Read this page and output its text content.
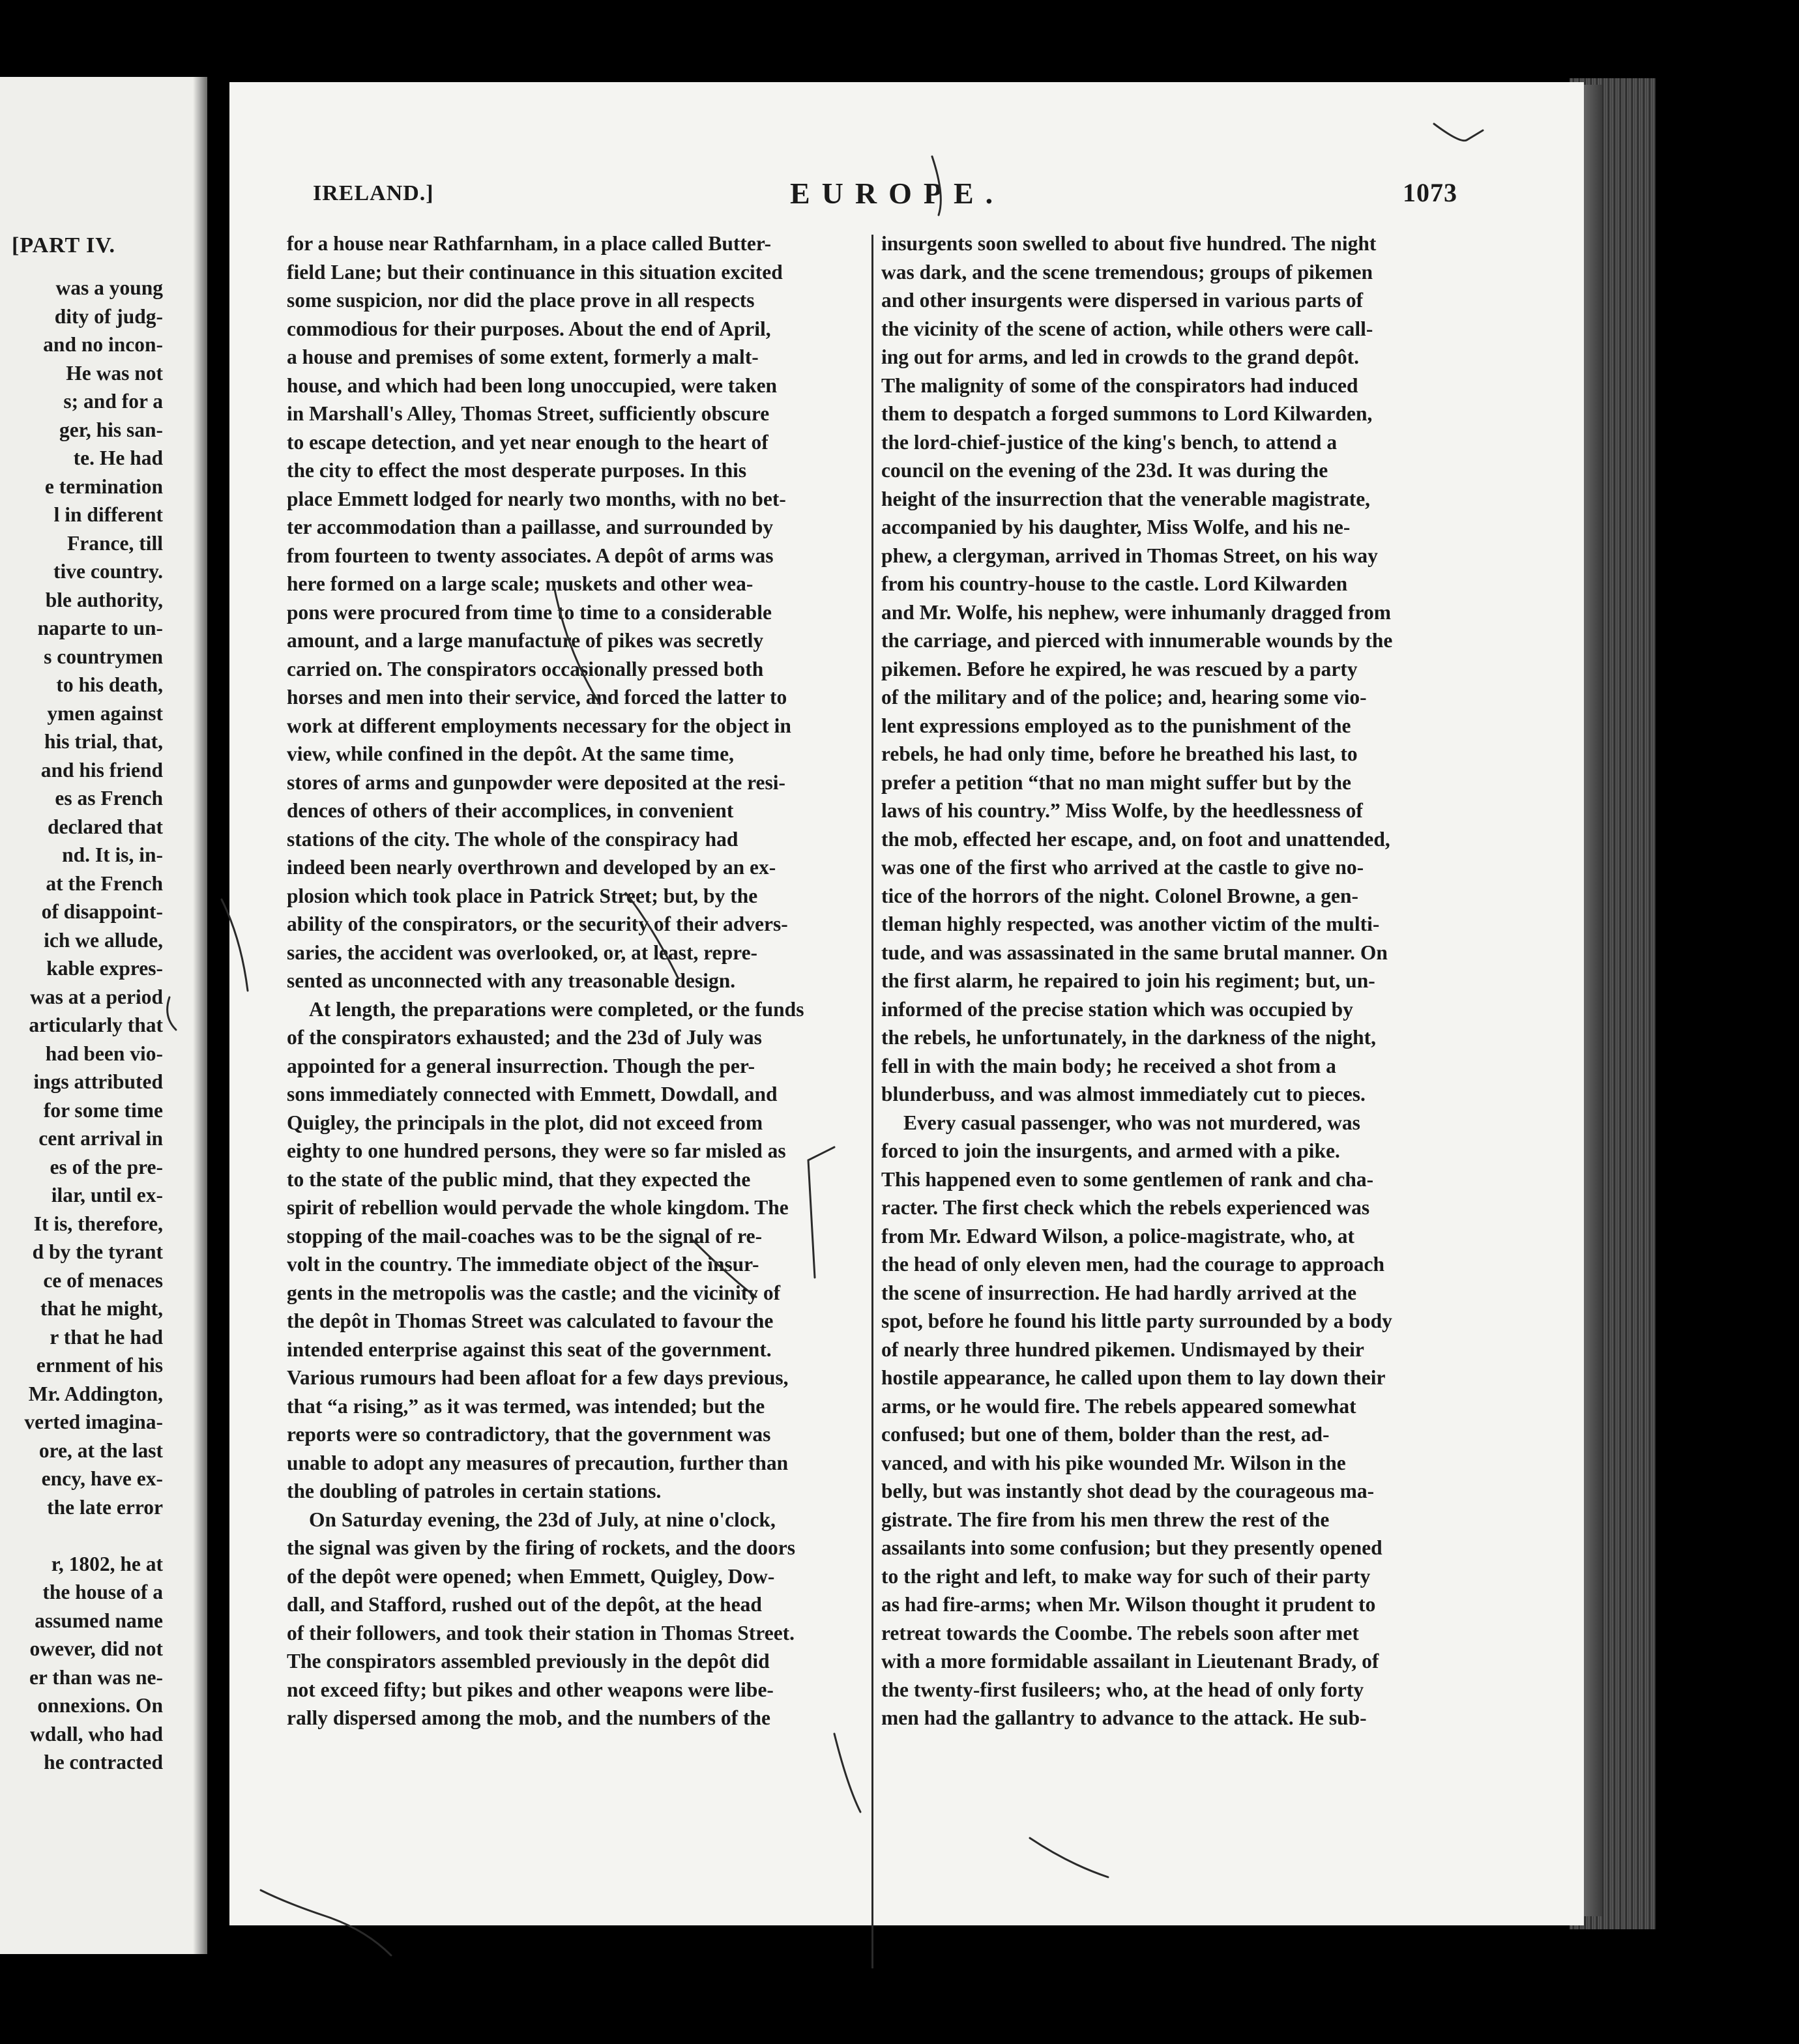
[PART IV.
was a young
dity of judg-
and no incon-
He was not
s; and for a
ger, his san-
te. He had
e termination
l in different
France, till
tive country.
ble authority,
naparte to un-
s countrymen
to his death,
ymen against
his trial, that,
and his friend
es as French
declared that
nd. It is, in-
at the French
of disappoint-
ich we allude,
kable expres-
was at a period
articularly that
had been vio-
ings attributed
for some time
cent arrival in
es of the pre-
ilar, until ex-
It is, therefore,
d by the tyrant
ce of menaces
that he might,
r that he had
ernment of his
Mr. Addington,
verted imagina-
ore, at the last
ency, have ex-
the late error

r, 1802, he at
the house of a
assumed name
owever, did not
er than was ne-
onnexions. On
wdall, who had
he contracted
IRELAND.]	EUROPE.	1073
for a house near Rathfarnham, in a place called Butter-
field Lane; but their continuance in this situation excited
some suspicion, nor did the place prove in all respects
commodious for their purposes. About the end of April,
a house and premises of some extent, formerly a malt-
house, and which had been long unoccupied, were taken
in Marshall's Alley, Thomas Street, sufficiently obscure
to escape detection, and yet near enough to the heart of
the city to effect the most desperate purposes. In this
place Emmett lodged for nearly two months, with no bet-
ter accommodation than a paillasse, and surrounded by
from fourteen to twenty associates. A depôt of arms was
here formed on a large scale; muskets and other wea-
pons were procured from time to time to a considerable
amount, and a large manufacture of pikes was secretly
carried on. The conspirators occasionally pressed both
horses and men into their service, and forced the latter to
work at different employments necessary for the object in
view, while confined in the depôt. At the same time,
stores of arms and gunpowder were deposited at the resi-
dences of others of their accomplices, in convenient
stations of the city. The whole of the conspiracy had
indeed been nearly overthrown and developed by an ex-
plosion which took place in Patrick Street; but, by the
ability of the conspirators, or the security of their advers-
saries, the accident was overlooked, or, at least, repre-
sented as unconnected with any treasonable design.
At length, the preparations were completed, or the funds
of the conspirators exhausted; and the 23d of July was
appointed for a general insurrection. Though the per-
sons immediately connected with Emmett, Dowdall, and
Quigley, the principals in the plot, did not exceed from
eighty to one hundred persons, they were so far misled as
to the state of the public mind, that they expected the
spirit of rebellion would pervade the whole kingdom. The
stopping of the mail-coaches was to be the signal of re-
volt in the country. The immediate object of the insur-
gents in the metropolis was the castle; and the vicinity of
the depôt in Thomas Street was calculated to favour the
intended enterprise against this seat of the government.
Various rumours had been afloat for a few days previous,
that “a rising,” as it was termed, was intended; but the
reports were so contradictory, that the government was
unable to adopt any measures of precaution, further than
the doubling of patroles in certain stations.
On Saturday evening, the 23d of July, at nine o'clock,
the signal was given by the firing of rockets, and the doors
of the depôt were opened; when Emmett, Quigley, Dow-
dall, and Stafford, rushed out of the depôt, at the head
of their followers, and took their station in Thomas Street.
The conspirators assembled previously in the depôt did
not exceed fifty; but pikes and other weapons were libe-
rally dispersed among the mob, and the numbers of the
insurgents soon swelled to about five hundred. The night
was dark, and the scene tremendous; groups of pikemen
and other insurgents were dispersed in various parts of
the vicinity of the scene of action, while others were call-
ing out for arms, and led in crowds to the grand depôt.
The malignity of some of the conspirators had induced
them to despatch a forged summons to Lord Kilwarden,
the lord-chief-justice of the king's bench, to attend a
council on the evening of the 23d. It was during the
height of the insurrection that the venerable magistrate,
accompanied by his daughter, Miss Wolfe, and his ne-
phew, a clergyman, arrived in Thomas Street, on his way
from his country-house to the castle. Lord Kilwarden
and Mr. Wolfe, his nephew, were inhumanly dragged from
the carriage, and pierced with innumerable wounds by the
pikemen. Before he expired, he was rescued by a party
of the military and of the police; and, hearing some vio-
lent expressions employed as to the punishment of the
rebels, he had only time, before he breathed his last, to
prefer a petition “that no man might suffer but by the
laws of his country.” Miss Wolfe, by the heedlessness of
the mob, effected her escape, and, on foot and unattended,
was one of the first who arrived at the castle to give no-
tice of the horrors of the night. Colonel Browne, a gen-
tleman highly respected, was another victim of the multi-
tude, and was assassinated in the same brutal manner. On
the first alarm, he repaired to join his regiment; but, un-
informed of the precise station which was occupied by
the rebels, he unfortunately, in the darkness of the night,
fell in with the main body; he received a shot from a
blunderbuss, and was almost immediately cut to pieces.
Every casual passenger, who was not murdered, was
forced to join the insurgents, and armed with a pike.
This happened even to some gentlemen of rank and cha-
racter. The first check which the rebels experienced was
from Mr. Edward Wilson, a police-magistrate, who, at
the head of only eleven men, had the courage to approach
the scene of insurrection. He had hardly arrived at the
spot, before he found his little party surrounded by a body
of nearly three hundred pikemen. Undismayed by their
hostile appearance, he called upon them to lay down their
arms, or he would fire. The rebels appeared somewhat
confused; but one of them, bolder than the rest, ad-
vanced, and with his pike wounded Mr. Wilson in the
belly, but was instantly shot dead by the courageous ma-
gistrate. The fire from his men threw the rest of the
assailants into some confusion; but they presently opened
to the right and left, to make way for such of their party
as had fire-arms; when Mr. Wilson thought it prudent to
retreat towards the Coombe. The rebels soon after met
with a more formidable assailant in Lieutenant Brady, of
the twenty-first fusileers; who, at the head of only forty
men had the gallantry to advance to the attack. He sub-
